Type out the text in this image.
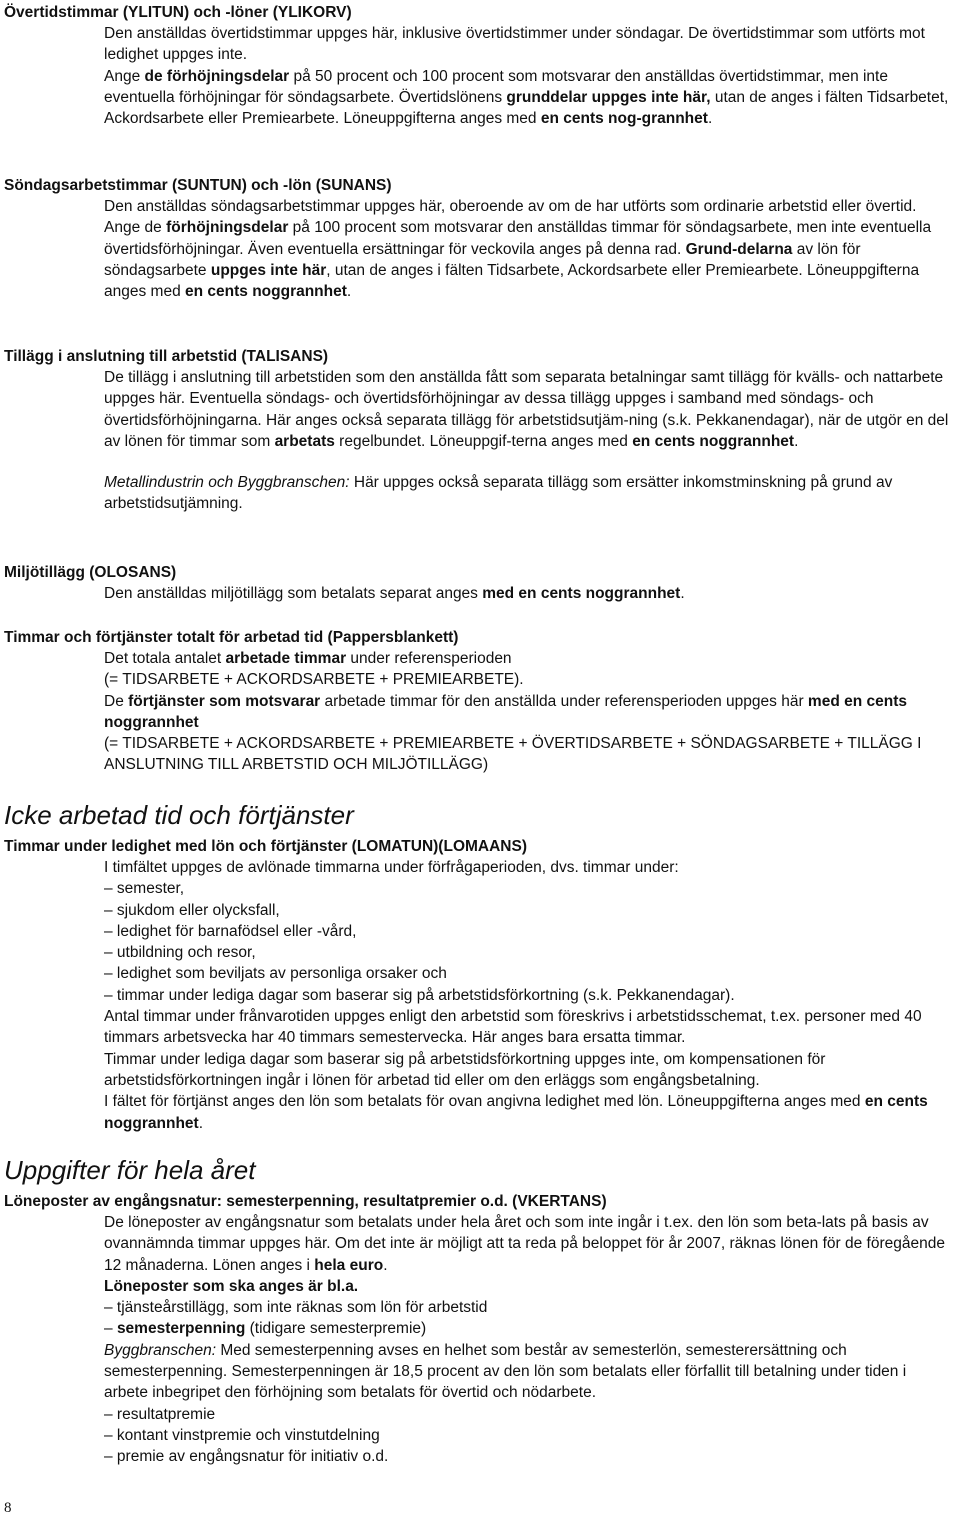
Övertidstimmar (YLITUN) och -löner (YLIKORV)

Den anställdas övertidstimmar uppges här, inklusive övertidstimmer under söndagar. De övertidstimmar som utförts mot ledighet uppges inte.

Ange de förhöjningsdelar på 50 procent och 100 procent som motsvarar den anställdas övertidstimmar, men inte eventuella förhöjningar för söndagsarbete. Övertidslönens grunddelar uppges inte här, utan de anges i fälten Tidsarbetet, Ackordsarbete eller Premiearbete. Löneuppgifterna anges med en cents nog-grannhet.

Söndagsarbetstimmar (SUNTUN) och -lön (SUNANS)

Den anställdas söndagsarbetstimmar uppges här, oberoende av om de har utförts som ordinarie arbetstid eller övertid.

Ange de förhöjningsdelar på 100 procent som motsvarar den anställdas timmar för söndagsarbete, men inte eventuella övertidsförhöjningar. Även eventuella ersättningar för veckovila anges på denna rad. Grund-delarna av lön för söndagsarbete uppges inte här, utan de anges i fälten Tidsarbete, Ackordsarbete eller Premiearbete. Löneuppgifterna anges med en cents noggrannhet.

Tillägg i anslutning till arbetstid (TALISANS)

De tillägg i anslutning till arbetstiden som den anställda fått som separata betalningar samt tillägg för kvälls- och nattarbete uppges här. Eventuella söndags- och övertidsförhöjningar av dessa tillägg uppges i samband med söndags- och övertidsförhöjningarna. Här anges också separata tillägg för arbetstidsutjäm-ning (s.k. Pekkanendagar), när de utgör en del av lönen för timmar som arbetats regelbundet. Löneuppgif-terna anges med en cents noggrannhet.

Metallindustrin och Byggbranschen: Här uppges också separata tillägg som ersätter inkomstminskning på grund av arbetstidsutjämning.

Miljötillägg (OLOSANS)

Den anställdas miljötillägg som betalats separat anges med en cents noggrannhet.

Timmar och förtjänster totalt för arbetad tid (Pappersblankett)

Det totala antalet arbetade timmar under referensperioden

(= TIDSARBETE + ACKORDSARBETE + PREMIEARBETE).

De förtjänster som motsvarar arbetade timmar för den anställda under referensperioden uppges här med en cents noggrannhet

(= TIDSARBETE + ACKORDSARBETE + PREMIEARBETE + ÖVERTIDSARBETE + SÖNDAGSARBETE + TILLÄGG I ANSLUTNING TILL ARBETSTID OCH MILJÖTILLÄGG)

Icke arbetad tid och förtjänster

Timmar under ledighet med lön och förtjänster (LOMATUN)(LOMAANS)

I timfältet uppges de avlönade timmarna under förfrågaperioden, dvs. timmar under:

– semester,

– sjukdom eller olycksfall,

– ledighet för barnafödsel eller -vård,

– utbildning och resor,

– ledighet som beviljats av personliga orsaker och

– timmar under lediga dagar som baserar sig på arbetstidsförkortning (s.k. Pekkanendagar).

Antal timmar under frånvarotiden uppges enligt den arbetstid som föreskrivs i arbetstidsschemat, t.ex. personer med 40 timmars arbetsvecka har 40 timmars semestervecka. Här anges bara ersatta timmar.

Timmar under lediga dagar som baserar sig på arbetstidsförkortning uppges inte, om kompensationen för arbetstidsförkortningen ingår i lönen för arbetad tid eller om den erläggs som engångsbetalning.

I fältet för förtjänst anges den lön som betalats för ovan angivna ledighet med lön. Löneuppgifterna anges med en cents noggrannhet.

Uppgifter för hela året

Löneposter av engångsnatur: semesterpenning, resultatpremier o.d. (VKERTANS)

De löneposter av engångsnatur som betalats under hela året och som inte ingår i t.ex. den lön som beta-lats på basis av ovannämnda timmar uppges här. Om det inte är möjligt att ta reda på beloppet för år 2007, räknas lönen för de föregående 12 månaderna. Lönen anges i hela euro.

Löneposter som ska anges är bl.a.

– tjänsteårstillägg, som inte räknas som lön för arbetstid

– semesterpenning (tidigare semesterpremie)

Byggbranschen: Med semesterpenning avses en helhet som består av semesterlön, semesterersättning och semesterpenning. Semesterpenningen är 18,5 procent av den lön som betalats eller förfallit till betalning under tiden i arbete inbegripet den förhöjning som betalats för övertid och nödarbete.

– resultatpremie

– kontant vinstpremie och vinstutdelning

– premie av engångsnatur för initiativ o.d.

8
